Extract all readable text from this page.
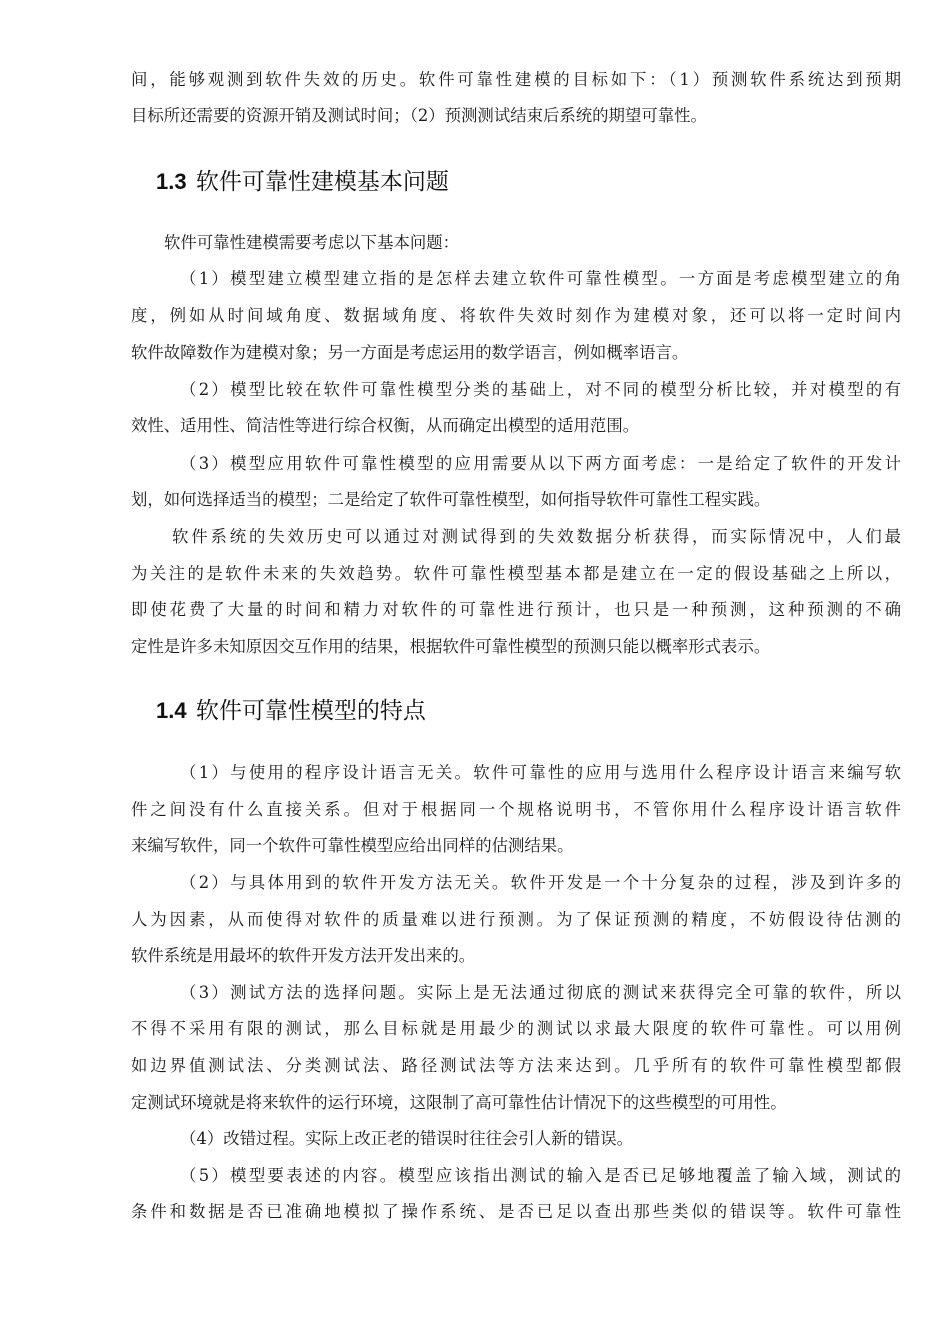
间，能够观测到软件失效的历史。软件可靠性建模的目标如下：（1）预测软件系统达到预期
目标所还需要的资源开销及测试时间；（2）预测测试结束后系统的期望可靠性。
1.3 软件可靠性建模基本问题
软件可靠性建模需要考虑以下基本问题：
（1）模型建立模型建立指的是怎样去建立软件可靠性模型。一方面是考虑模型建立的角
度，例如从时间域角度、数据域角度、将软件失效时刻作为建模对象，还可以将一定时间内
软件故障数作为建模对象；另一方面是考虑运用的数学语言，例如概率语言。
（2）模型比较在软件可靠性模型分类的基础上，对不同的模型分析比较，并对模型的有
效性、适用性、简洁性等进行综合权衡，从而确定出模型的适用范围。
（3）模型应用软件可靠性模型的应用需要从以下两方面考虑：一是给定了软件的开发计
划，如何选择适当的模型；二是给定了软件可靠性模型，如何指导软件可靠性工程实践。
软件系统的失效历史可以通过对测试得到的失效数据分析获得，而实际情况中，人们最
为关注的是软件未来的失效趋势。软件可靠性模型基本都是建立在一定的假设基础之上所以，
即使花费了大量的时间和精力对软件的可靠性进行预计，也只是一种预测，这种预测的不确
定性是许多未知原因交互作用的结果，根据软件可靠性模型的预测只能以概率形式表示。
1.4 软件可靠性模型的特点
（1）与使用的程序设计语言无关。软件可靠性的应用与选用什么程序设计语言来编写软
件之间没有什么直接关系。但对于根据同一个规格说明书，不管你用什么程序设计语言软件
来编写软件，同一个软件可靠性模型应给出同样的估测结果。
（2）与具体用到的软件开发方法无关。软件开发是一个十分复杂的过程，涉及到许多的
人为因素，从而使得对软件的质量难以进行预测。为了保证预测的精度，不妨假设待估测的
软件系统是用最坏的软件开发方法开发出来的。
（3）测试方法的选择问题。实际上是无法通过彻底的测试来获得完全可靠的软件，所以
不得不采用有限的测试，那么目标就是用最少的测试以求最大限度的软件可靠性。可以用例
如边界值测试法、分类测试法、路径测试法等方法来达到。几乎所有的软件可靠性模型都假
定测试环境就是将来软件的运行环境，这限制了高可靠性估计情况下的这些模型的可用性。
（4）改错过程。实际上改正老的错误时往往会引人新的错误。
（5）模型要表述的内容。模型应该指出测试的输入是否已足够地覆盖了输入域，测试的
条件和数据是否已准确地模拟了操作系统、是否已足以查出那些类似的错误等。软件可靠性
